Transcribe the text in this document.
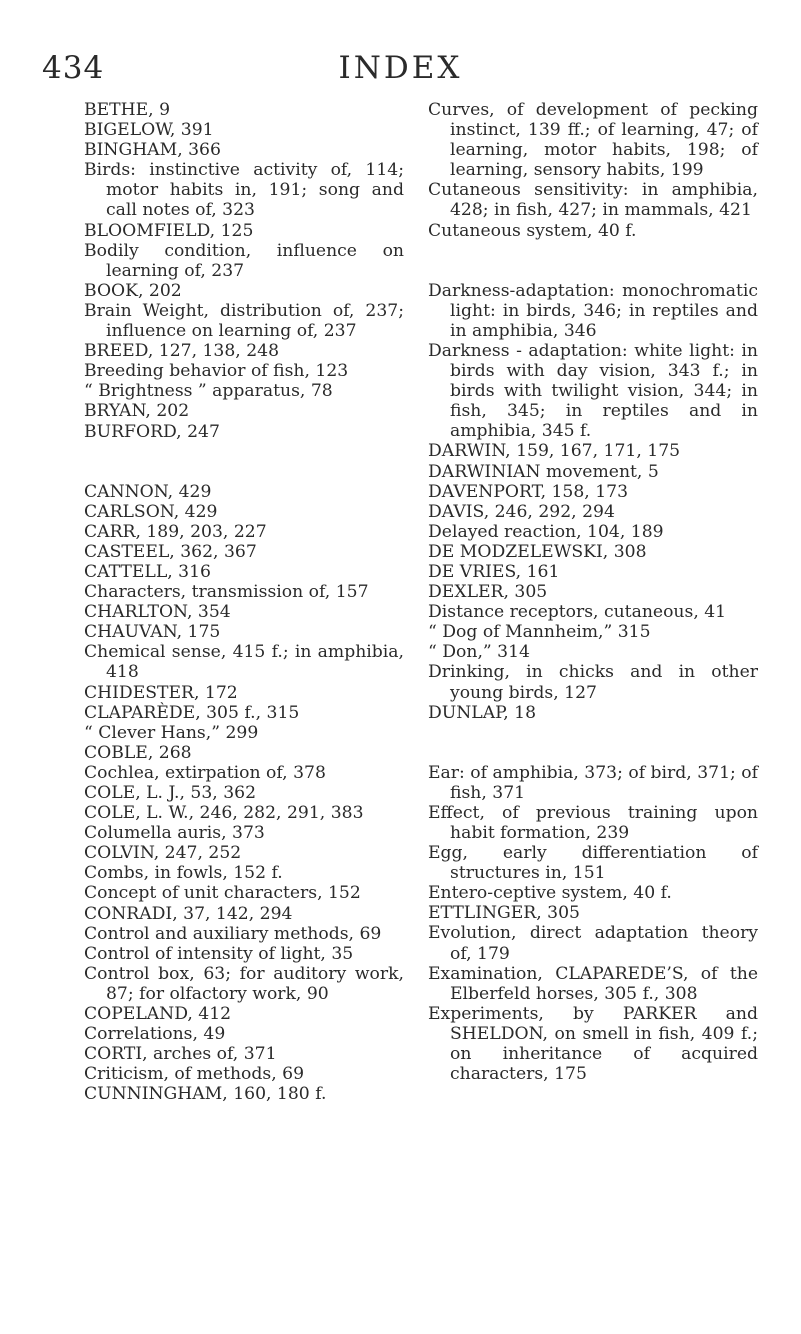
434	INDEX
BETHE, 9
BIGELOW, 391
BINGHAM, 366
Birds: instinctive activity of, 114; motor habits in, 191; song and call notes of, 323
BLOOMFIELD, 125
Bodily condition, influence on learning of, 237
BOOK, 202
Brain Weight, distribution of, 237; influence on learning of, 237
BREED, 127, 138, 248
Breeding behavior of fish, 123
“ Brightness ” apparatus, 78
BRYAN, 202
BURFORD, 247
CANNON, 429
CARLSON, 429
CARR, 189, 203, 227
CASTEEL, 362, 367
CATTELL, 316
Characters, transmission of, 157
CHARLTON, 354
CHAUVAN, 175
Chemical sense, 415 f.; in amphibia, 418
CHIDESTER, 172
CLAPARÈDE, 305 f., 315
“ Clever Hans,” 299
COBLE, 268
Cochlea, extirpation of, 378
COLE, L. J., 53, 362
COLE, L. W., 246, 282, 291, 383
Columella auris, 373
COLVIN, 247, 252
Combs, in fowls, 152 f.
Concept of unit characters, 152
CONRADI, 37, 142, 294
Control and auxiliary methods, 69
Control of intensity of light, 35
Control box, 63; for auditory work, 87; for olfactory work, 90
COPELAND, 412
Correlations, 49
CORTI, arches of, 371
Criticism, of methods, 69
CUNNINGHAM, 160, 180 f.
Curves, of development of pecking instinct, 139 ff.; of learning, 47; of learning, motor habits, 198; of learning, sensory habits, 199
Cutaneous sensitivity: in amphibia, 428; in fish, 427; in mammals, 421
Cutaneous system, 40 f.
Darkness-adaptation: monochromatic light: in birds, 346; in reptiles and in amphibia, 346
Darkness - adaptation: white light: in birds with day vision, 343 f.; in birds with twilight vision, 344; in fish, 345; in reptiles and in amphibia, 345 f.
DARWIN, 159, 167, 171, 175
DARWINIAN movement, 5
DAVENPORT, 158, 173
DAVIS, 246, 292, 294
Delayed reaction, 104, 189
DE MODZELEWSKI, 308
DE VRIES, 161
DEXLER, 305
Distance receptors, cutaneous, 41
“ Dog of Mannheim,” 315
“ Don,” 314
Drinking, in chicks and in other young birds, 127
DUNLAP, 18
Ear: of amphibia, 373; of bird, 371; of fish, 371
Effect, of previous training upon habit formation, 239
Egg, early differentiation of structures in, 151
Entero-ceptive system, 40 f.
ETTLINGER, 305
Evolution, direct adaptation theory of, 179
Examination, CLAPAREDE’S, of the Elberfeld horses, 305 f., 308
Experiments, by PARKER and SHELDON, on smell in fish, 409 f.; on inheritance of acquired characters, 175
